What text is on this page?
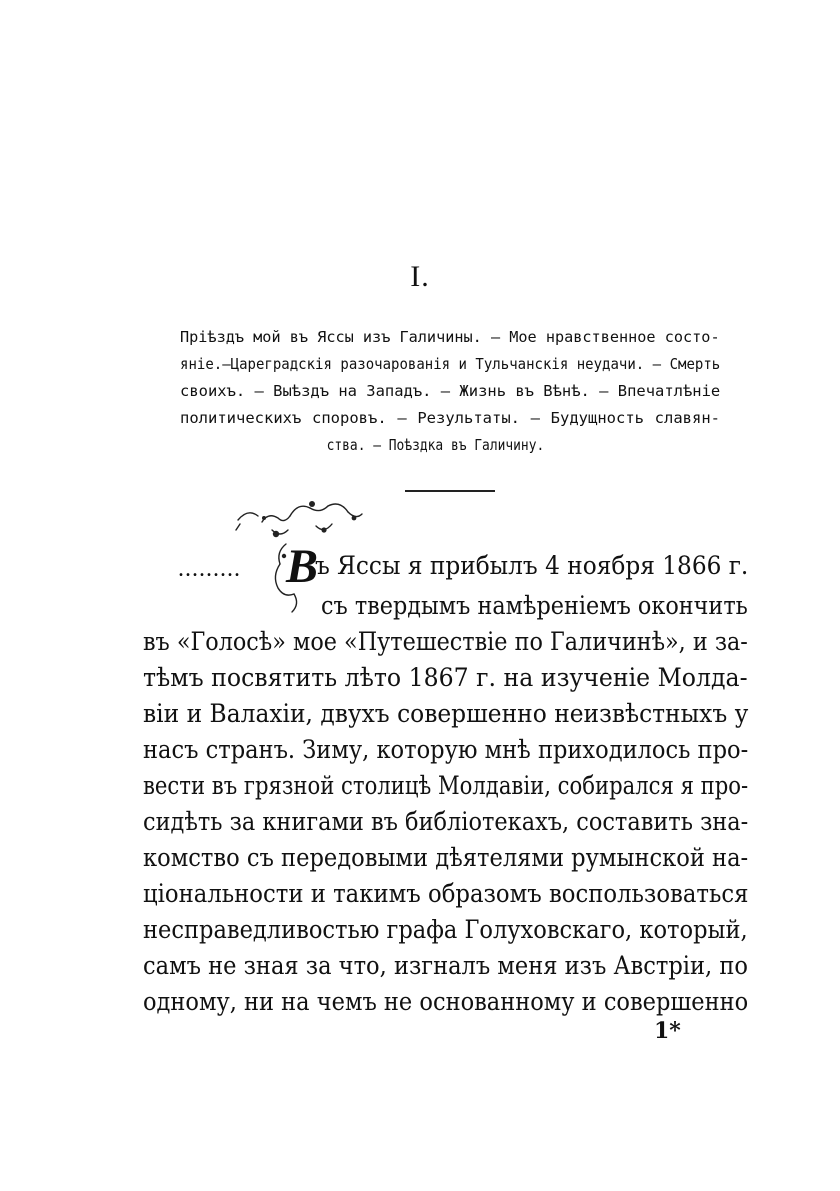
I.
Пріѣздъ мой въ Яссы изъ Галичины. — Мое нравственное состо- яніе.—Цареградскія разочарованія и Тульчанскія неудачи. — Смерть своихъ. — Выѣздъ на Западъ. — Жизнь въ Вѣнѣ. — Впечатлѣніе
политическихъ споровъ. — Результаты. — Будущность славян-
ства. — Поѣздка въ Галичину.
......... В
ъ Яссы я прибылъ 4 ноября 1866 г.
съ твердымъ намѣреніемъ окончить
въ «Голосѣ» мое «Путешествіе по Галичинѣ», и за-
тѣмъ посвятить лѣто 1867 г. на изученіе Молда-
віи и Валахіи, двухъ совершенно неизвѣстныхъ у
насъ странъ. Зиму, которую мнѣ приходилось про-
вести въ грязной столицѣ Молдавіи, собирался я про-
сидѣть за книгами въ библіотекахъ, составить зна-
комство съ передовыми дѣятелями румынской на-
ціональности и такимъ образомъ воспользоваться
несправедливостью графа Голуховскаго, который,
самъ не зная за что, изгналъ меня изъ Австріи, по
одному, ни на чемъ не основанному и совершенно
1*
